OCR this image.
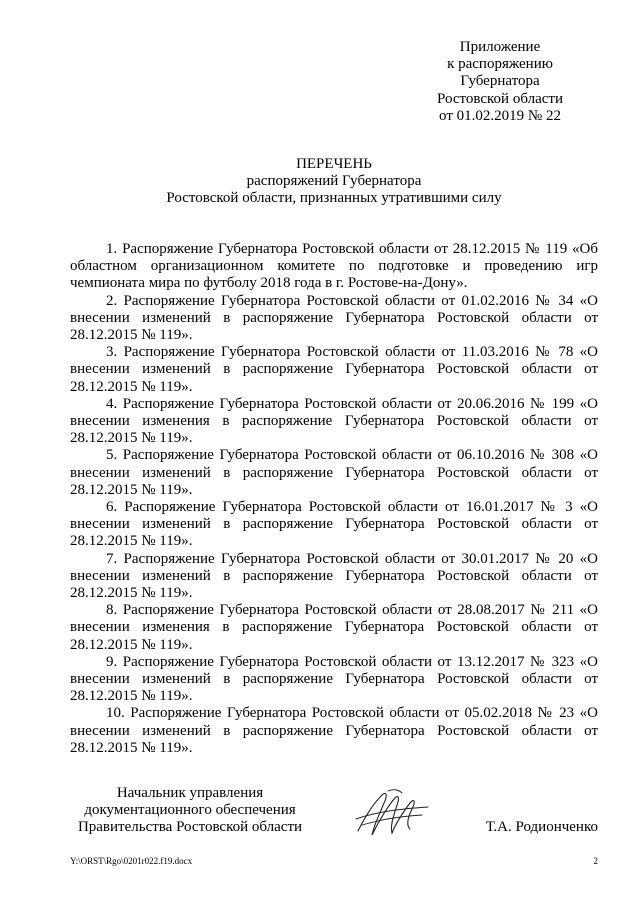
Приложение
к распоряжению
Губернатора
Ростовской области
от 01.02.2019 № 22
ПЕРЕЧЕНЬ
распоряжений Губернатора
Ростовской области, признанных утратившими силу

1. Распоряжение Губернатора Ростовской области от 28.12.2015 № 119 «Об областном организационном комитете по подготовке и проведению игр чемпионата мира по футболу 2018 года в г. Ростове-на-Дону».

2. Распоряжение Губернатора Ростовской области от 01.02.2016 № 34 «О внесении изменений в распоряжение Губернатора Ростовской области от 28.12.2015 № 119».

3. Распоряжение Губернатора Ростовской области от 11.03.2016 № 78 «О внесении изменений в распоряжение Губернатора Ростовской области от 28.12.2015 № 119».

4. Распоряжение Губернатора Ростовской области от 20.06.2016 № 199 «О внесении изменения в распоряжение Губернатора Ростовской области от 28.12.2015 № 119».

5. Распоряжение Губернатора Ростовской области от 06.10.2016 № 308 «О внесении изменений в распоряжение Губернатора Ростовской области от 28.12.2015 № 119».

6. Распоряжение Губернатора Ростовской области от 16.01.2017 № 3 «О внесении изменений в распоряжение Губернатора Ростовской области от 28.12.2015 № 119».

7. Распоряжение Губернатора Ростовской области от 30.01.2017 № 20 «О внесении изменений в распоряжение Губернатора Ростовской области от 28.12.2015 № 119».

8. Распоряжение Губернатора Ростовской области от 28.08.2017 № 211 «О внесении изменения в распоряжение Губернатора Ростовской области от 28.12.2015 № 119».

9. Распоряжение Губернатора Ростовской области от 13.12.2017 № 323 «О внесении изменений в распоряжение Губернатора Ростовской области от 28.12.2015 № 119».

10. Распоряжение Губернатора Ростовской области от 05.02.2018 № 23 «О внесении изменений в распоряжение Губернатора Ростовской области от 28.12.2015 № 119».

Начальник управления
документационного обеспечения
Правительства Ростовской области	Т.А. Родионченко
Y:\ORST\Rgo\0201r022.f19.docx	2
